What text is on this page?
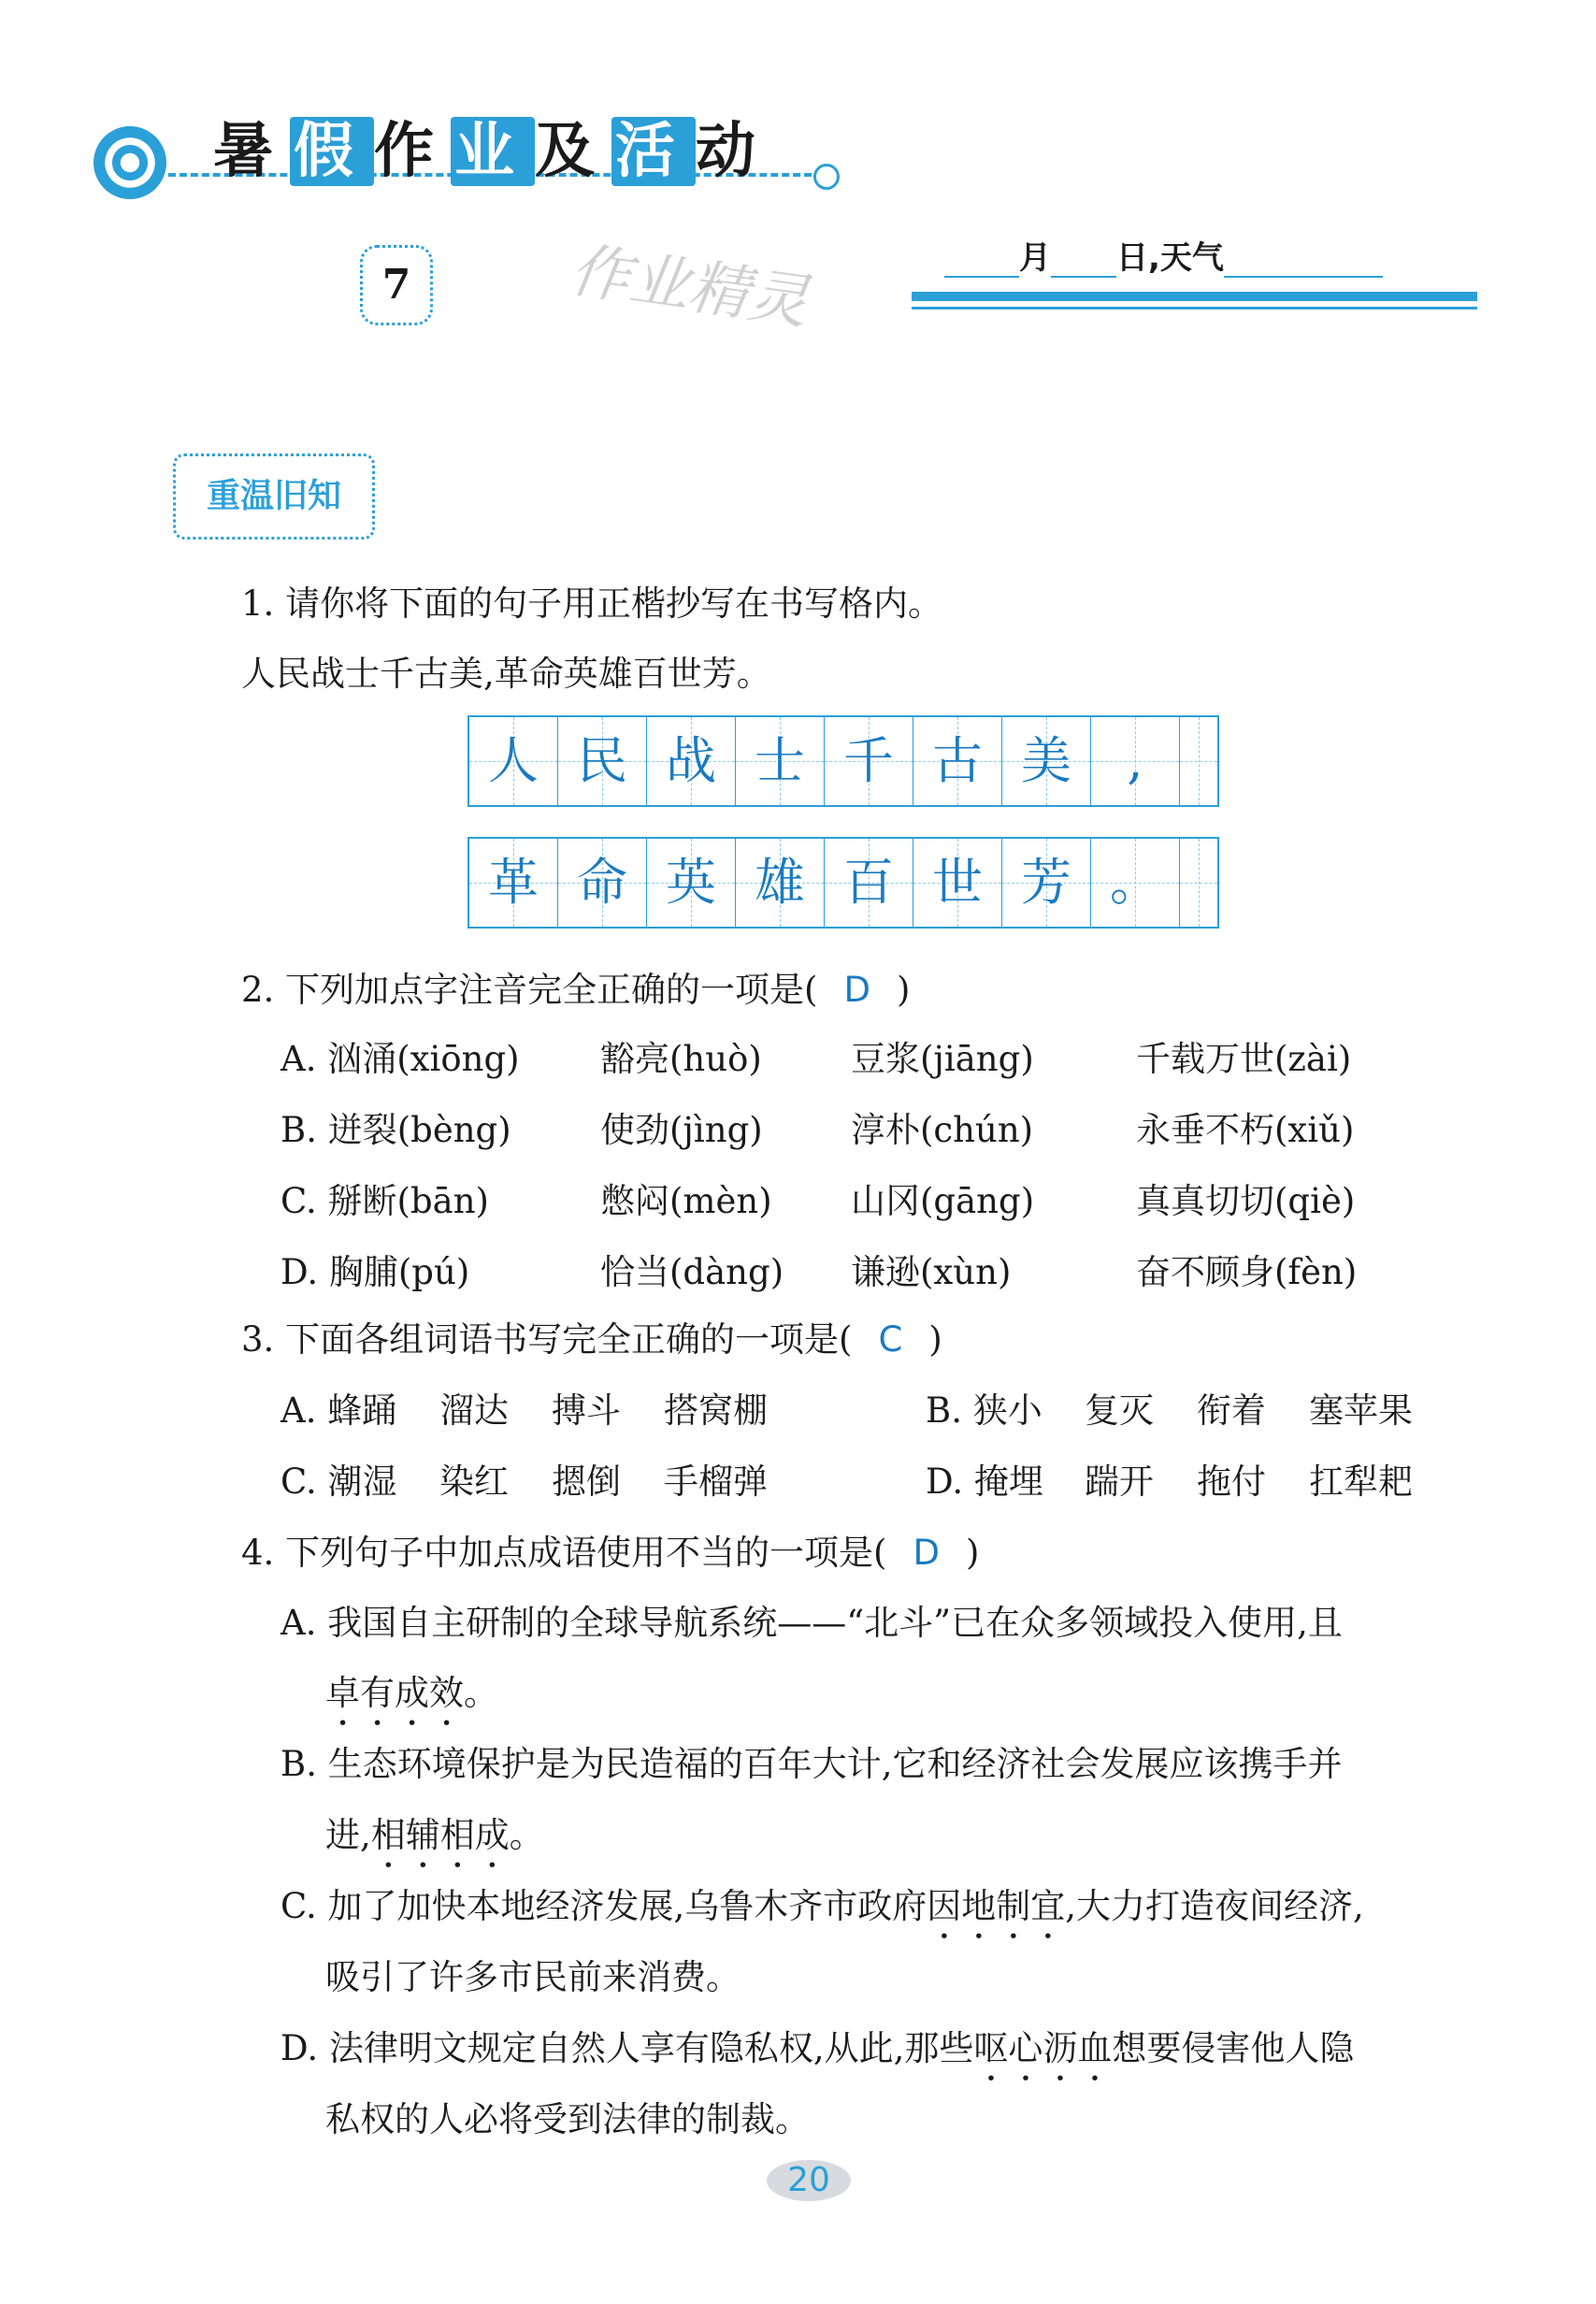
暑假作业及活动
7	作业精灵	月 日,天气
重温旧知
1. 请你将下面的句子用正楷抄写在书写格内。
人民战士千古美,革命英雄百世芳。
人 民 战 士 千 古 美	,
革 命 英 雄 百 世 芳 。
2. 下列加点字注音完全正确的一项是( D )
A. 汹涌(xiōng) 豁亮(huò)	豆浆(jiāng)	千载万世(zài)
B. 迸裂(bèng)	使劲(jìng)	淳朴(chún)	永垂不朽(xiǔ)
C. 掰断(bān)	憋闷(mèn) 山冈(gāng)	真真切切(qiè)
D. 胸脯(pú)	恰当(dàng) 谦逊(xùn)	奋不顾身(fèn)
3. 下面各组词语书写完全正确的一项是( C )
A. 蜂踊 溜达 搏斗 搭窝棚	B. 狭小 复灭 衔着 塞苹果
C. 潮湿 染红 摁倒 手榴弹	D. 掩埋 踹开 拖付 扛犁耙
4. 下列句子中加点成语使用不当的一项是( D )
A. 我国自主研制的全球导航系统——“北斗”已在众多领域投入使用,且
卓有成效。
B. 生态环境保护是为民造福的百年大计,它和经济社会发展应该携手并
进,相辅相成。
C. 加了加快本地经济发展,乌鲁木齐市政府因地制宜,大力打造夜间经济,
吸引了许多市民前来消费。
D. 法律明文规定自然人享有隐私权,从此,那些呕心沥血想要侵害他人隐
私权的人必将受到法律的制裁。
20
